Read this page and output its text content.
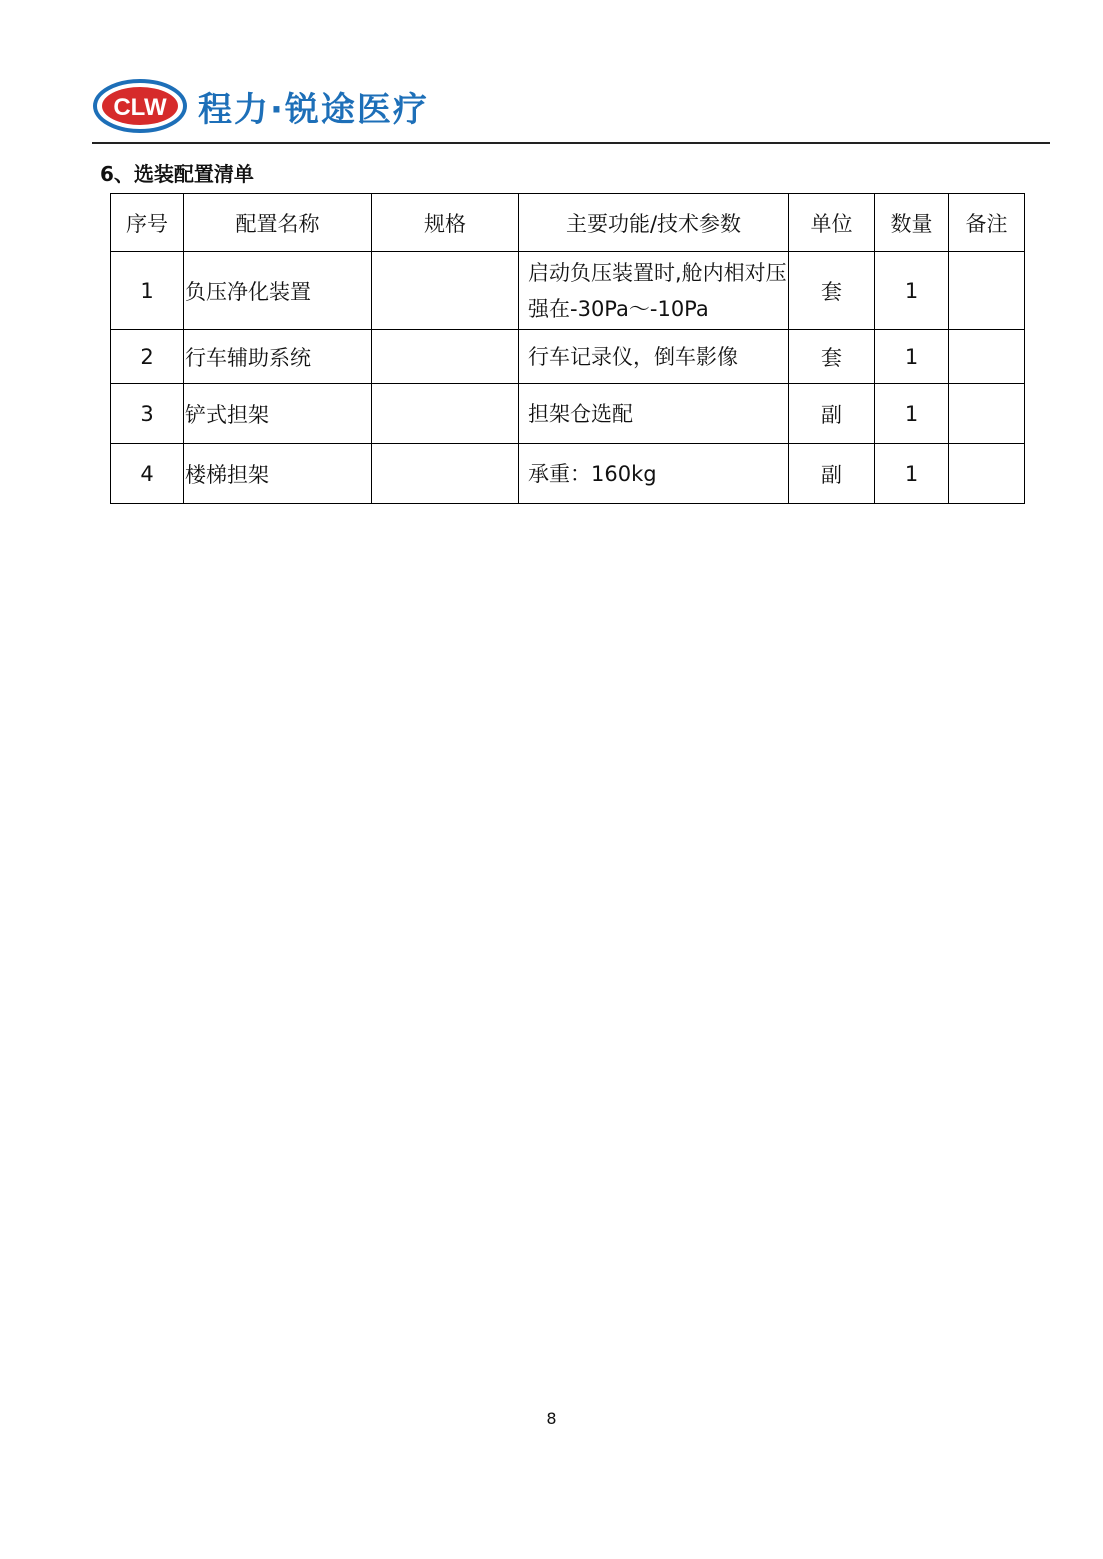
CLW 程力·锐途医疗
6、选装配置清单
序号	配置名称	规格	主要功能/技术参数	单位	数量	备注
1	负压净化装置		启动负压装置时,舱内相对压强在-30Pa～-10Pa	套	1	
2	行车辅助系统		行车记录仪，倒车影像	套	1	
3	铲式担架		担架仓选配	副	1	
4	楼梯担架		承重：160kg	副	1	
8
